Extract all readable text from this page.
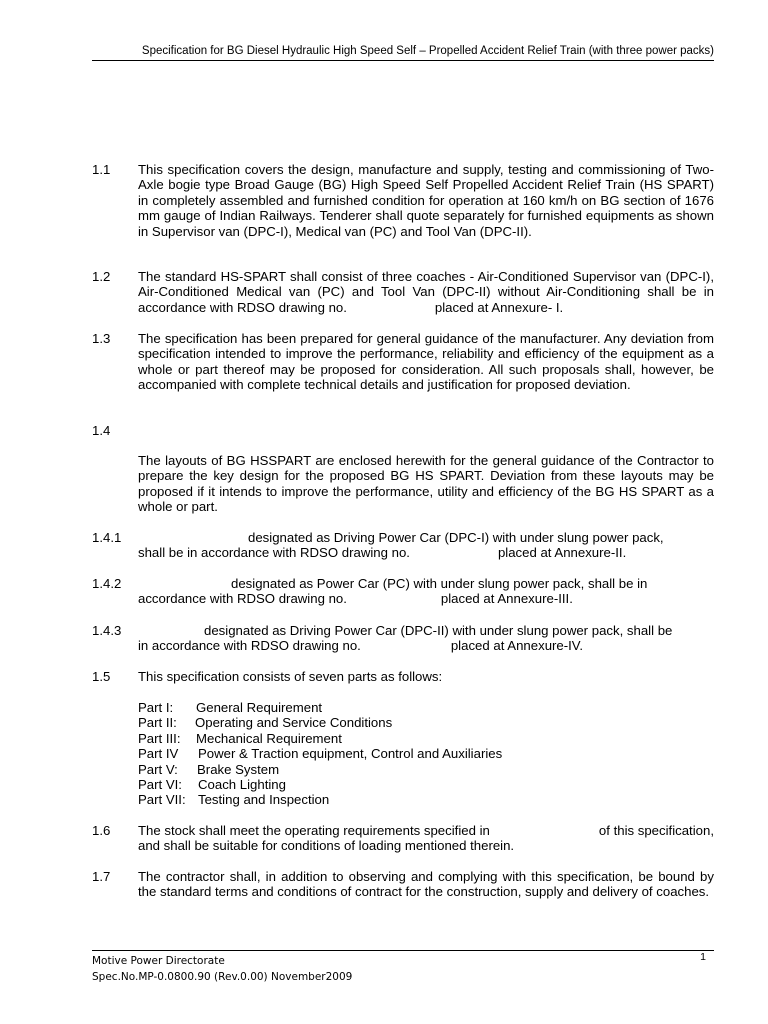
Specification for BG Diesel Hydraulic High Speed Self – Propelled Accident Relief Train (with three power packs)
1.1 This specification covers the design, manufacture and supply, testing and commissioning of Two-Axle bogie type Broad Gauge (BG) High Speed Self Propelled Accident Relief Train (HS SPART) in completely assembled and furnished condition for operation at 160 km/h on BG section of 1676 mm gauge of Indian Railways. Tenderer shall quote separately for furnished equipments as shown in Supervisor van (DPC-I), Medical van (PC) and Tool Van (DPC-II).

1.2 The standard HS-SPART shall consist of three coaches - Air-Conditioned Supervisor van (DPC-I), Air-Conditioned Medical van (PC) and Tool Van (DPC-II) without Air-Conditioning shall be in accordance with RDSO drawing no.	placed at Annexure- I.

1.3 The specification has been prepared for general guidance of the manufacturer. Any deviation from specification intended to improve the performance, reliability and efficiency of the equipment as a whole or part thereof may be proposed for consideration. All such proposals shall, however, be accompanied with complete technical details and justification for proposed deviation.

1.4

The layouts of BG HSSPART are enclosed herewith for the general guidance of the Contractor to prepare the key design for the proposed BG HS SPART. Deviation from these layouts may be proposed if it intends to improve the performance, utility and efficiency of the BG HS SPART as a whole or part.

1.4.1	designated as Driving Power Car (DPC-I) with under slung power pack,
shall be in accordance with RDSO drawing no.	placed at Annexure-II.
1.4.2	designated as Power Car (PC) with under slung power pack, shall be in
accordance with RDSO drawing no.	placed at Annexure-III.
1.4.3	designated as Driving Power Car (DPC-II) with under slung power pack, shall be
in accordance with RDSO drawing no.	placed at Annexure-IV.
1.5 This specification consists of seven parts as follows:

Part I: General Requirement
Part II: Operating and Service Conditions
Part III: Mechanical Requirement
Part IV Power & Traction equipment, Control and Auxiliaries
Part V: Brake System
Part VI: Coach Lighting
Part VII: Testing and Inspection
1.6 The stock shall meet the operating requirements specified in	of this specification,
and shall be suitable for conditions of loading mentioned therein.
1.7 The contractor shall, in addition to observing and complying with this specification, be bound by the standard terms and conditions of contract for the construction, supply and delivery of coaches.

1
Motive Power Directorate
Spec.No.MP-0.0800.90 (Rev.0.00) November2009
